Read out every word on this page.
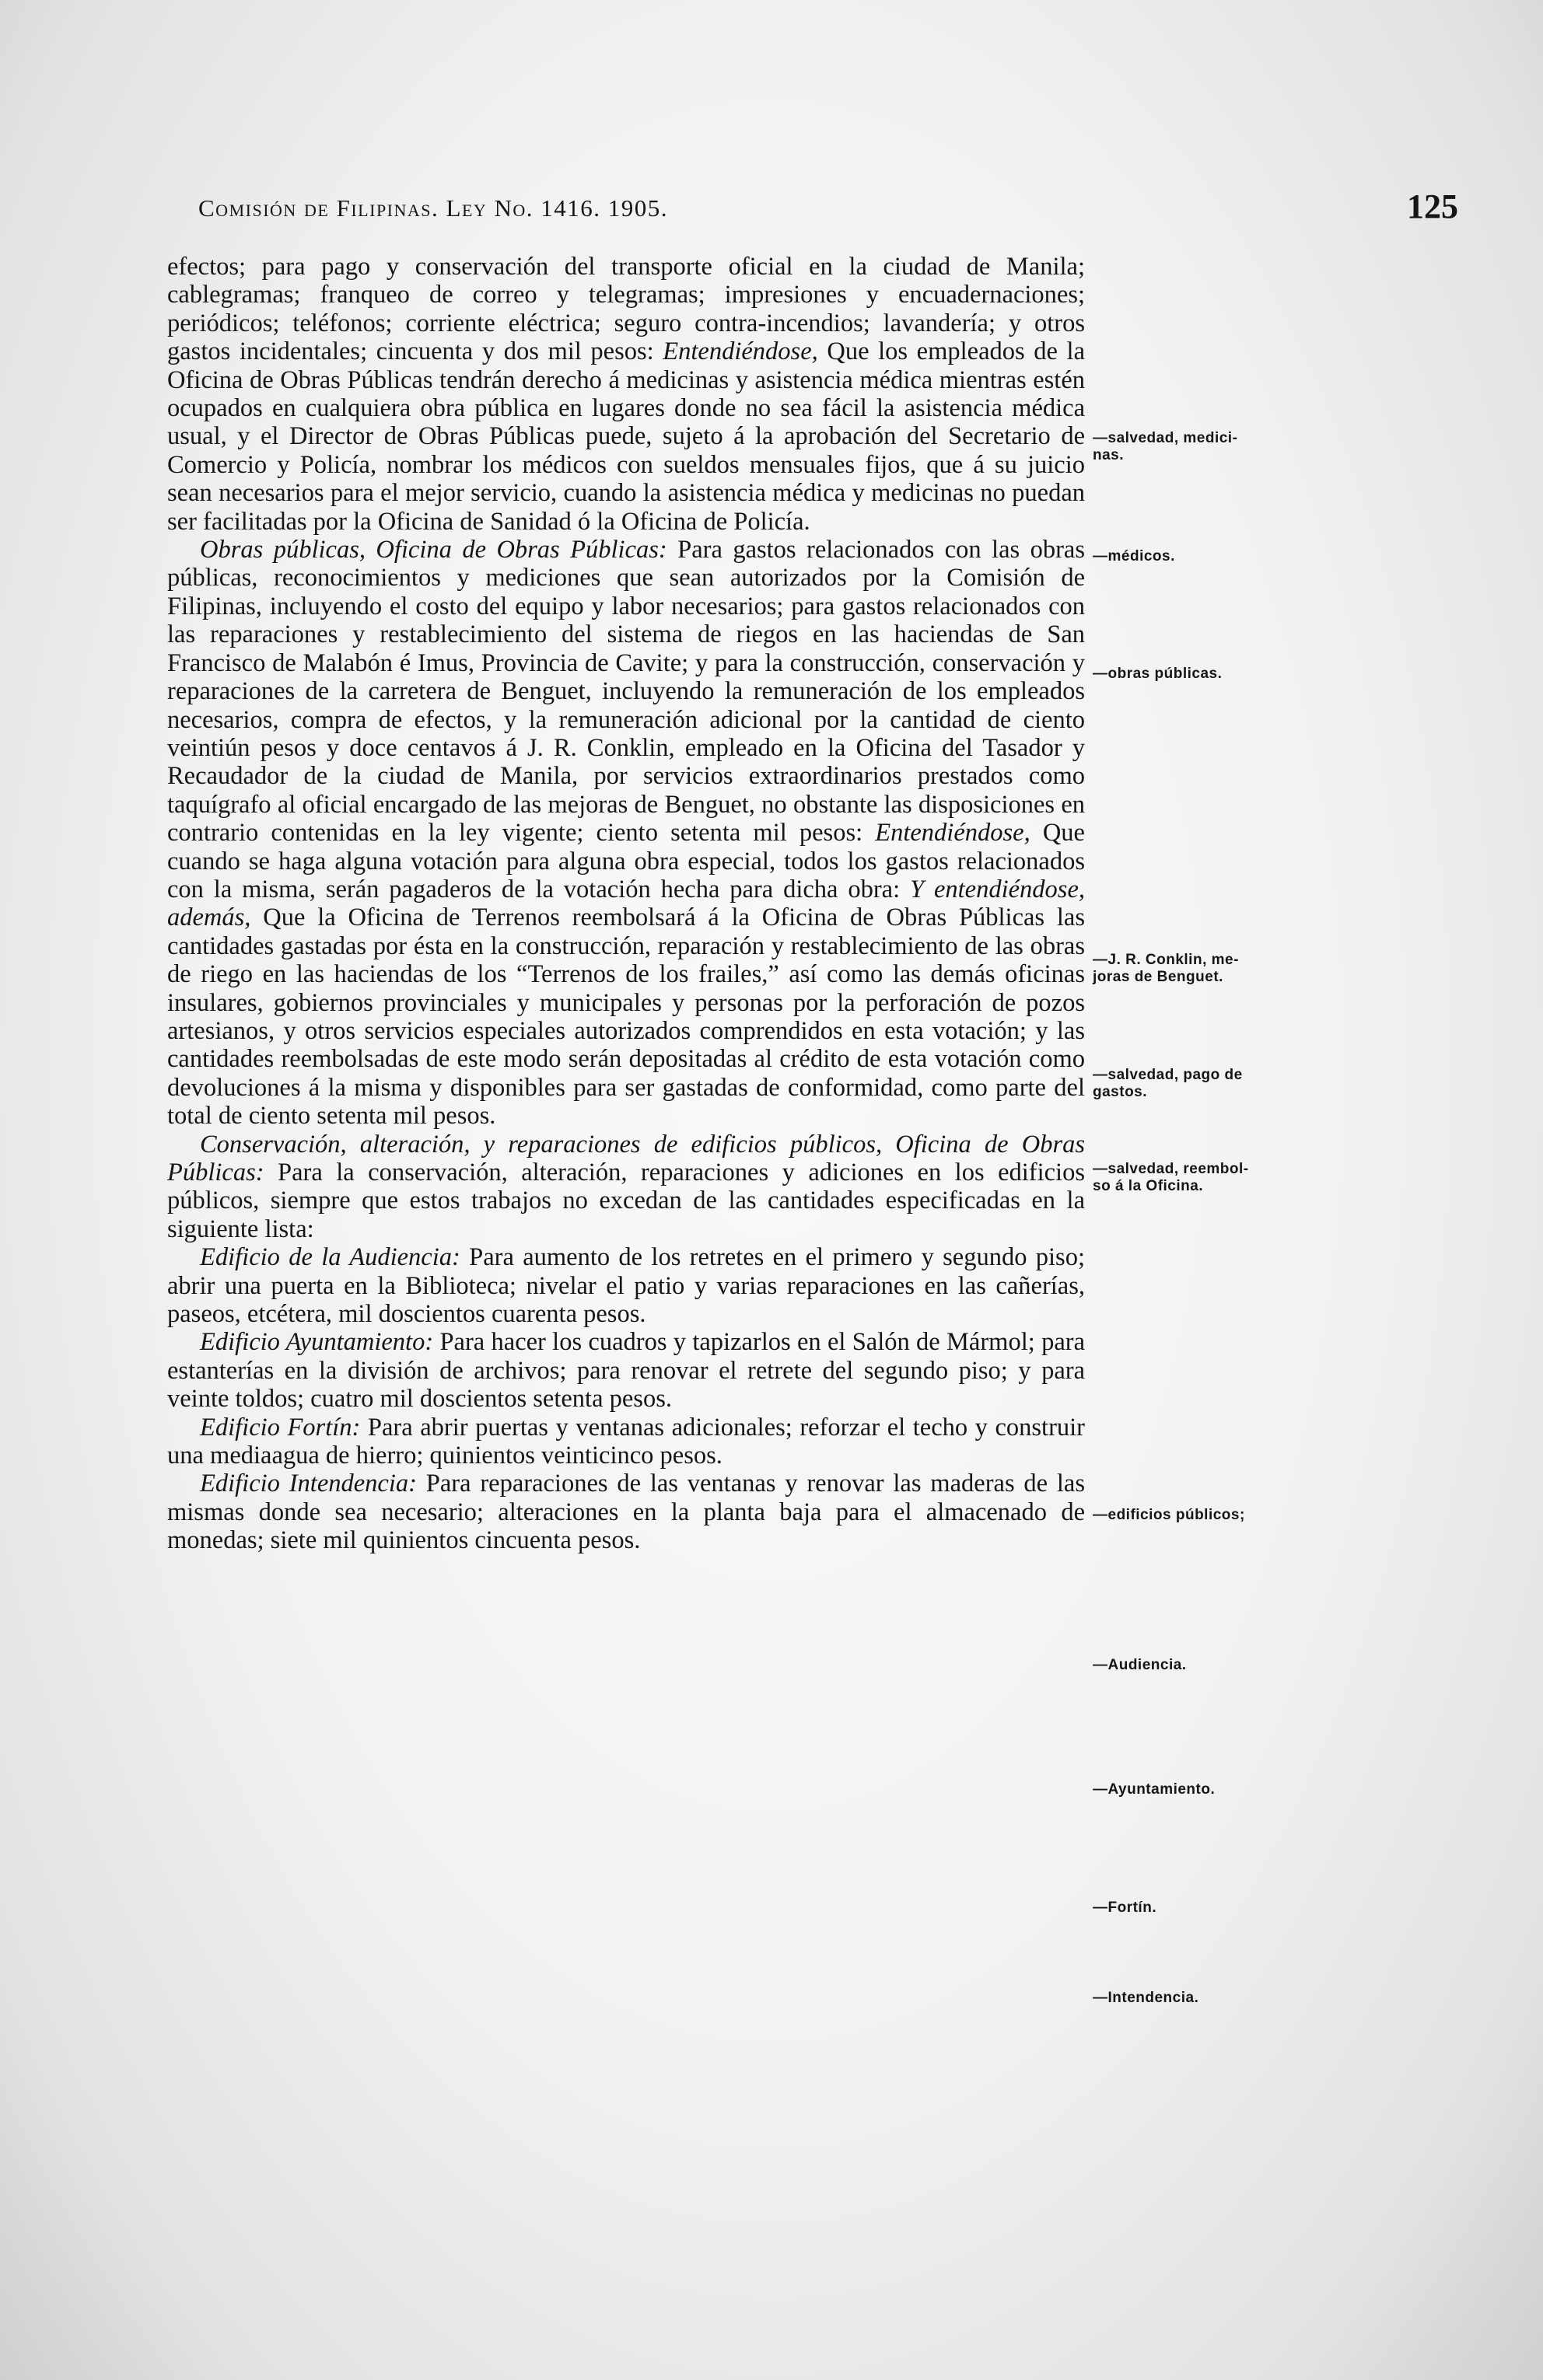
Comisión de Filipinas. Ley No. 1416. 1905.	125

efectos; para pago y conservación del transporte oficial en la ciudad de Manila; cablegramas; franqueo de correo y telegramas; impresiones y encuadernaciones; periódicos; teléfonos; corriente eléctrica; seguro contra-incendios; lavandería; y otros gastos incidentales; cincuenta y dos mil pesos: Entendiéndose, Que los empleados de la Oficina de Obras Públicas tendrán derecho á medicinas y asistencia médica mientras estén ocupados en cualquiera obra pública en lugares donde no sea fácil la asistencia médica usual, y el Director de Obras Públicas puede, sujeto á la aprobación del Secretario de Comercio y Policía, nombrar los médicos con sueldos mensuales fijos, que á su juicio sean necesarios para el mejor servicio, cuando la asistencia médica y medicinas no puedan ser facilitadas por la Oficina de Sanidad ó la Oficina de Policía.

Obras públicas, Oficina de Obras Públicas: Para gastos relacionados con las obras públicas, reconocimientos y mediciones que sean autorizados por la Comisión de Filipinas, incluyendo el costo del equipo y labor necesarios; para gastos relacionados con las reparaciones y restablecimiento del sistema de riegos en las haciendas de San Francisco de Malabón é Imus, Provincia de Cavite; y para la construcción, conservación y reparaciones de la carretera de Benguet, incluyendo la remuneración de los empleados necesarios, compra de efectos, y la remuneración adicional por la cantidad de ciento veintiún pesos y doce centavos á J. R. Conklin, empleado en la Oficina del Tasador y Recaudador de la ciudad de Manila, por servicios extraordinarios prestados como taquígrafo al oficial encargado de las mejoras de Benguet, no obstante las disposiciones en contrario contenidas en la ley vigente; ciento setenta mil pesos: Entendiéndose, Que cuando se haga alguna votación para alguna obra especial, todos los gastos relacionados con la misma, serán pagaderos de la votación hecha para dicha obra: Y entendiéndose, además, Que la Oficina de Terrenos reembolsará á la Oficina de Obras Públicas las cantidades gastadas por ésta en la construcción, reparación y restablecimiento de las obras de riego en las haciendas de los “Terrenos de los frailes,” así como las demás oficinas insulares, gobiernos provinciales y municipales y personas por la perforación de pozos artesianos, y otros servicios especiales autorizados comprendidos en esta votación; y las cantidades reembolsadas de este modo serán depositadas al crédito de esta votación como devoluciones á la misma y disponibles para ser gastadas de conformidad, como parte del total de ciento setenta mil pesos.

Conservación, alteración, y reparaciones de edificios públicos, Oficina de Obras Públicas: Para la conservación, alteración, reparaciones y adiciones en los edificios públicos, siempre que estos trabajos no excedan de las cantidades especificadas en la siguiente lista:

Edificio de la Audiencia: Para aumento de los retretes en el primero y segundo piso; abrir una puerta en la Biblioteca; nivelar el patio y varias reparaciones en las cañerías, paseos, etcétera, mil doscientos cuarenta pesos.

Edificio Ayuntamiento: Para hacer los cuadros y tapizarlos en el Salón de Mármol; para estanterías en la división de archivos; para renovar el retrete del segundo piso; y para veinte toldos; cuatro mil doscientos setenta pesos.

Edificio Fortín: Para abrir puertas y ventanas adicionales; reforzar el techo y construir una mediaagua de hierro; quinientos veinticinco pesos.

Edificio Intendencia: Para reparaciones de las ventanas y renovar las maderas de las mismas donde sea necesario; alteraciones en la planta baja para el almacenado de monedas; siete mil quinientos cincuenta pesos.

—salvedad, medici-
nas.
—médicos.
—obras públicas.
—J. R. Conklin, me-
joras de Benguet.
—salvedad, pago de
gastos.
—salvedad, reembol-
so á la Oficina.
—edificios públicos;
—Audiencia.
—Ayuntamiento.
—Fortín.
—Intendencia.
